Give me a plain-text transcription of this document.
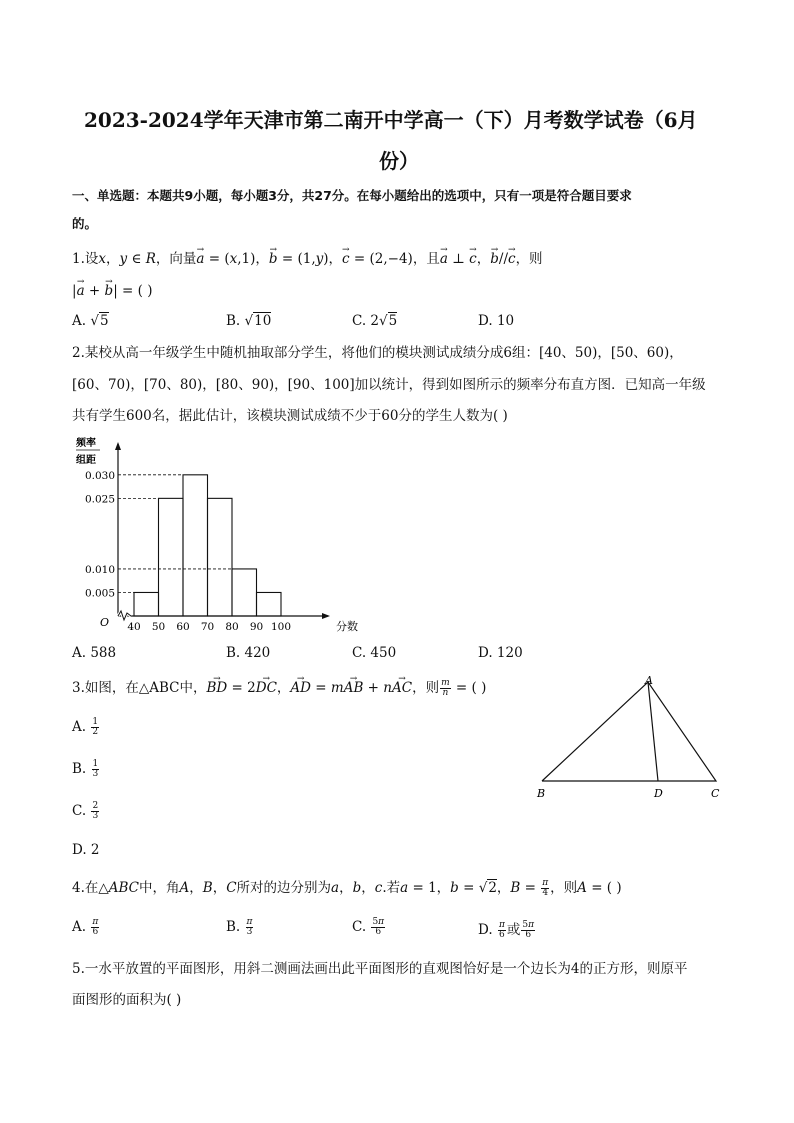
2023-2024学年天津市第二南开中学高一（下）月考数学试卷（6月
份）
一、单选题：本题共9小题，每小题3分，共27分。在每小题给出的选项中，只有一项是符合题目要求
的。
1.设x，y ∈ R，向量→ a = (x,1)，→ b = (1,y)，→ c = (2,−4)，且→ a ⊥ → c，→ b//→ c，则
|→ a + → b| = ( )
A. √5	B. √10	C. 2√5	D. 10
2.某校从高一年级学生中随机抽取部分学生，将他们的模块测试成绩分成6组：[40、50)，[50、60)，
[60、70)，[70、80)，[80、90)，[90、100]加以统计，得到如图所示的频率分布直方图．已知高一年级
共有学生600名，据此估计，该模块测试成绩不少于60分的学生人数为( )
频率
组距
0.030
0.025
0.010
0.005
40 50 60 70 80 90 100
O	分数
A. 588	B. 420	C. 450	D. 120
3.如图，在△ABC中，→ BD = 2→ DC，→ AD = m→ AB + n→ AC，则 $\frac{m}{n}$ = ( )
A. $\frac{1}{2}$
B. $\frac{1}{3}$
C. $\frac{2}{3}$
D. 2
A
B	D	C
4.在△ABC中，角A，B，C所对的边分别为a，b，c.若a = 1，b = √2，$B = \frac{\pi}{4}$ ，则A = ( )
A. $\frac{\pi}{6}$	B. $\frac{\pi}{3}$	C. $\frac{5\pi}{6}$	D. $\frac{\pi}{6}$ 或 $\frac{5\pi}{6}$
5.一水平放置的平面图形，用斜二测画法画出此平面图形的直观图恰好是一个边长为4的正方形，则原平
面图形的面积为( )
